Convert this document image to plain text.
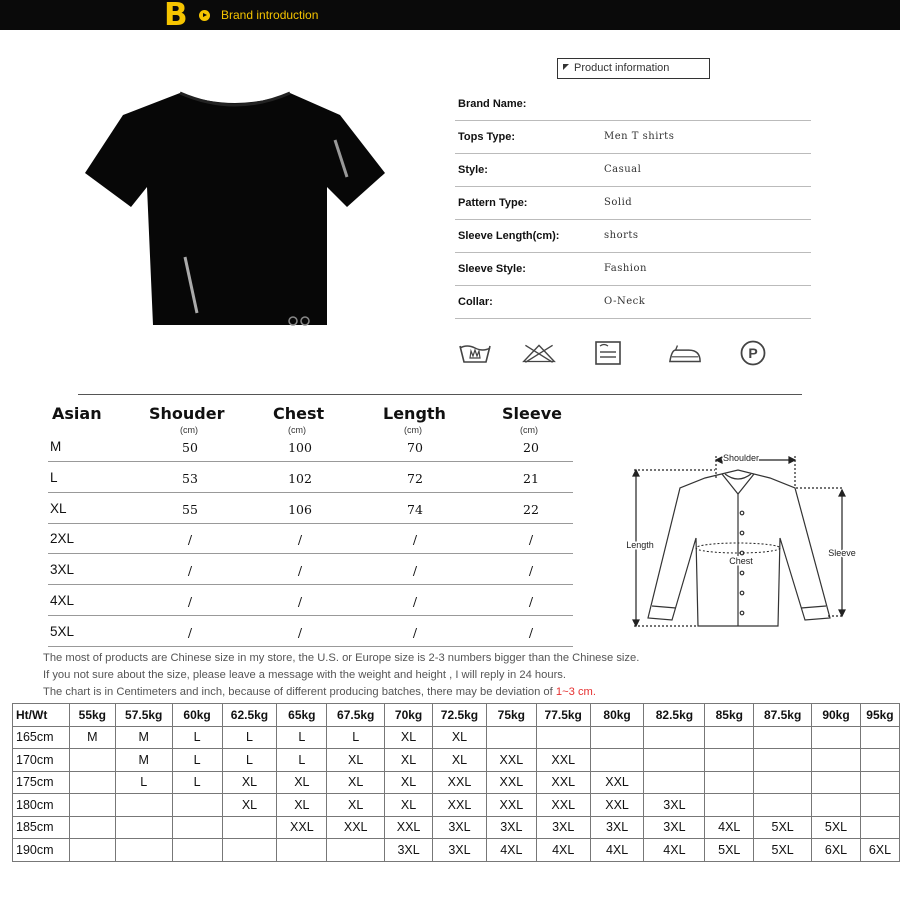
B	Brand introduction
Product information
Brand Name:
Tops Type:	Men T shirts
Style:	Casual
Pattern Type:	Solid
Sleeve Length(cm):	shorts
Sleeve Style:	Fashion
Collar:	O-Neck
P
Asian	Shouder	Chest	Length	Sleeve
(cm)	(cm)	(cm)	(cm)
M	50	100	70	20
L	53	102	72	21
XL	55	106	74	22
2XL	/	/	/	/
3XL	/	/	/	/
4XL	/	/	/	/
5XL	/	/	/	/
Shoulder
Length
Chest
Sleeve
The most of products are Chinese size in my store, the U.S. or Europe size is 2-3 numbers bigger than the Chinese size.
If you not sure about the size, please leave a message with the weight and height , I will reply in 24 hours.
The chart is in Centimeters and inch, because of different producing batches, there may be deviation of 1~3 cm.
Ht/Wt	55kg	57.5kg	60kg	62.5kg	65kg	67.5kg	70kg	72.5kg	75kg	77.5kg	80kg	82.5kg	85kg	87.5kg	90kg	95kg
165cm	M	M	L	L	L	L	XL	XL								
170cm		M	L	L	L	XL	XL	XL	XXL	XXL						
175cm		L	L	XL	XL	XL	XL	XXL	XXL	XXL	XXL					
180cm				XL	XL	XL	XL	XXL	XXL	XXL	XXL	3XL				
185cm					XXL	XXL	XXL	3XL	3XL	3XL	3XL	3XL	4XL	5XL	5XL	
190cm							3XL	3XL	4XL	4XL	4XL	4XL	5XL	5XL	6XL	6XL
